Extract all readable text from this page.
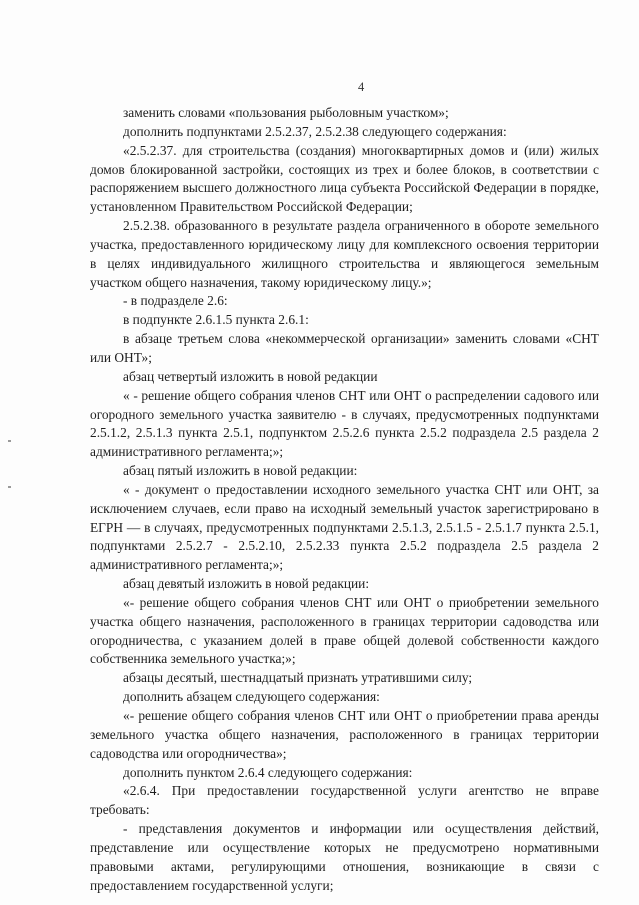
4

заменить словами «пользования рыболовным участком»;

дополнить подпунктами 2.5.2.37, 2.5.2.38 следующего содержания:

«2.5.2.37. для строительства (создания) многоквартирных домов и (или) жилых домов блокированной застройки, состоящих из трех и более блоков, в соответствии с распоряжением высшего должностного лица субъекта Российской Федерации в порядке, установленном Правительством Российской Федерации;

2.5.2.38. образованного в результате раздела ограниченного в обороте земельного участка, предоставленного юридическому лицу для комплексного освоения территории в целях индивидуального жилищного строительства и являющегося земельным участком общего назначения, такому юридическому лицу.»;

- в подразделе 2.6:

в подпункте 2.6.1.5 пункта 2.6.1:

в абзаце третьем слова «некоммерческой организации» заменить словами «СНТ или ОНТ»;

абзац четвертый изложить в новой редакции

« - решение общего собрания членов СНТ или ОНТ о распределении садового или огородного земельного участка заявителю - в случаях, предусмотренных подпунктами 2.5.1.2, 2.5.1.3 пункта 2.5.1, подпунктом 2.5.2.6 пункта 2.5.2 подраздела 2.5 раздела 2 административного регламента;»;

абзац пятый изложить в новой редакции:

« - документ о предоставлении исходного земельного участка СНТ или ОНТ, за исключением случаев, если право на исходный земельный участок зарегистрировано в ЕГРН — в случаях, предусмотренных подпунктами 2.5.1.3, 2.5.1.5 - 2.5.1.7 пункта 2.5.1, подпунктами 2.5.2.7 - 2.5.2.10, 2.5.2.33 пункта 2.5.2 подраздела 2.5 раздела 2 административного регламента;»;

абзац девятый изложить в новой редакции:

«- решение общего собрания членов СНТ или ОНТ о приобретении земельного участка общего назначения, расположенного в границах территории садоводства или огородничества, с указанием долей в праве общей долевой собственности каждого собственника земельного участка;»;

абзацы десятый, шестнадцатый признать утратившими силу;

дополнить абзацем следующего содержания:

«- решение общего собрания членов СНТ или ОНТ о приобретении права аренды земельного участка общего назначения, расположенного в границах территории садоводства или огородничества»;

дополнить пунктом 2.6.4 следующего содержания:

«2.6.4. При предоставлении государственной услуги агентство не вправе требовать:

- представления документов и информации или осуществления действий, представление или осуществление которых не предусмотрено нормативными правовыми актами, регулирующими отношения, возникающие в связи с предоставлением государственной услуги;
